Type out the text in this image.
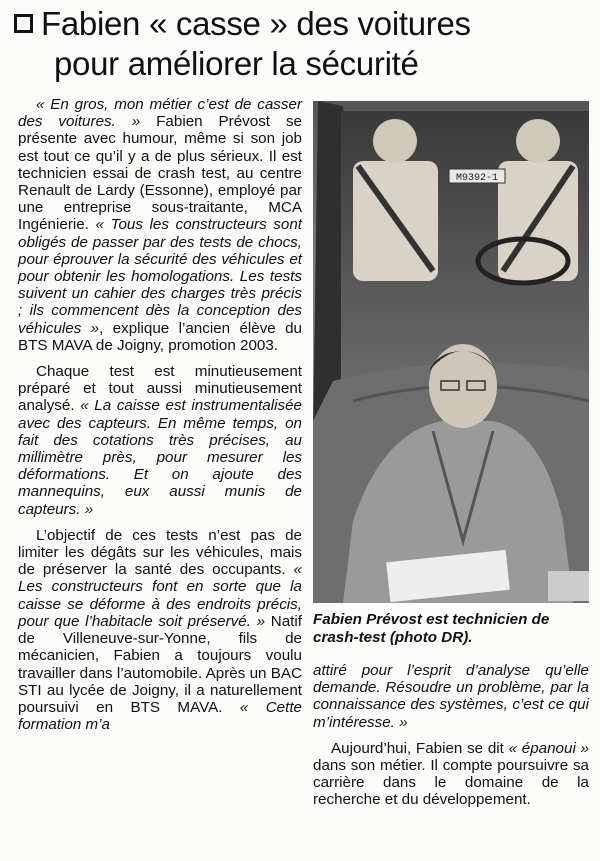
Fabien « casse » des voitures
pour améliorer la sécurité

« En gros, mon métier c’est de casser des voitures. » Fabien Prévost se présente avec humour, même si son job est tout ce qu’il y a de plus sérieux. Il est technicien essai de crash test, au centre Renault de Lardy (Essonne), employé par une entreprise sous-traitante, MCA Ingénierie. « Tous les constructeurs sont obligés de passer par des tests de chocs, pour éprouver la sécurité des véhicules et pour obtenir les homologations. Les tests suivent un cahier des charges très précis ; ils commencent dès la conception des véhicules », explique l’ancien élève du BTS MAVA de Joigny, promotion 2003.

Chaque test est minutieusement préparé et tout aussi minutieusement analysé. « La caisse est instrumentalisée avec des capteurs. En même temps, on fait des cotations très précises, au millimètre près, pour mesurer les déformations. Et on ajoute des mannequins, eux aussi munis de capteurs. »

L’objectif de ces tests n’est pas de limiter les dégâts sur les véhicules, mais de préserver la santé des occupants. « Les constructeurs font en sorte que la caisse se déforme à des endroits précis, pour que l’habitacle soit préservé. » Natif de Villeneuve-sur-Yonne, fils de mécanicien, Fabien a toujours voulu travailler dans l’automobile. Après un BAC STI au lycée de Joigny, il a naturellement poursuivi en BTS MAVA. « Cette formation m’a

M9392-1
Fabien Prévost est technicien de crash-test (photo DR).

attiré pour l’esprit d’analyse qu’elle demande. Résoudre un problème, par la connaissance des systèmes, c’est ce qui m’intéresse. »

Aujourd’hui, Fabien se dit « épanoui » dans son métier. Il compte poursuivre sa carrière dans le domaine de la recherche et du développement.
